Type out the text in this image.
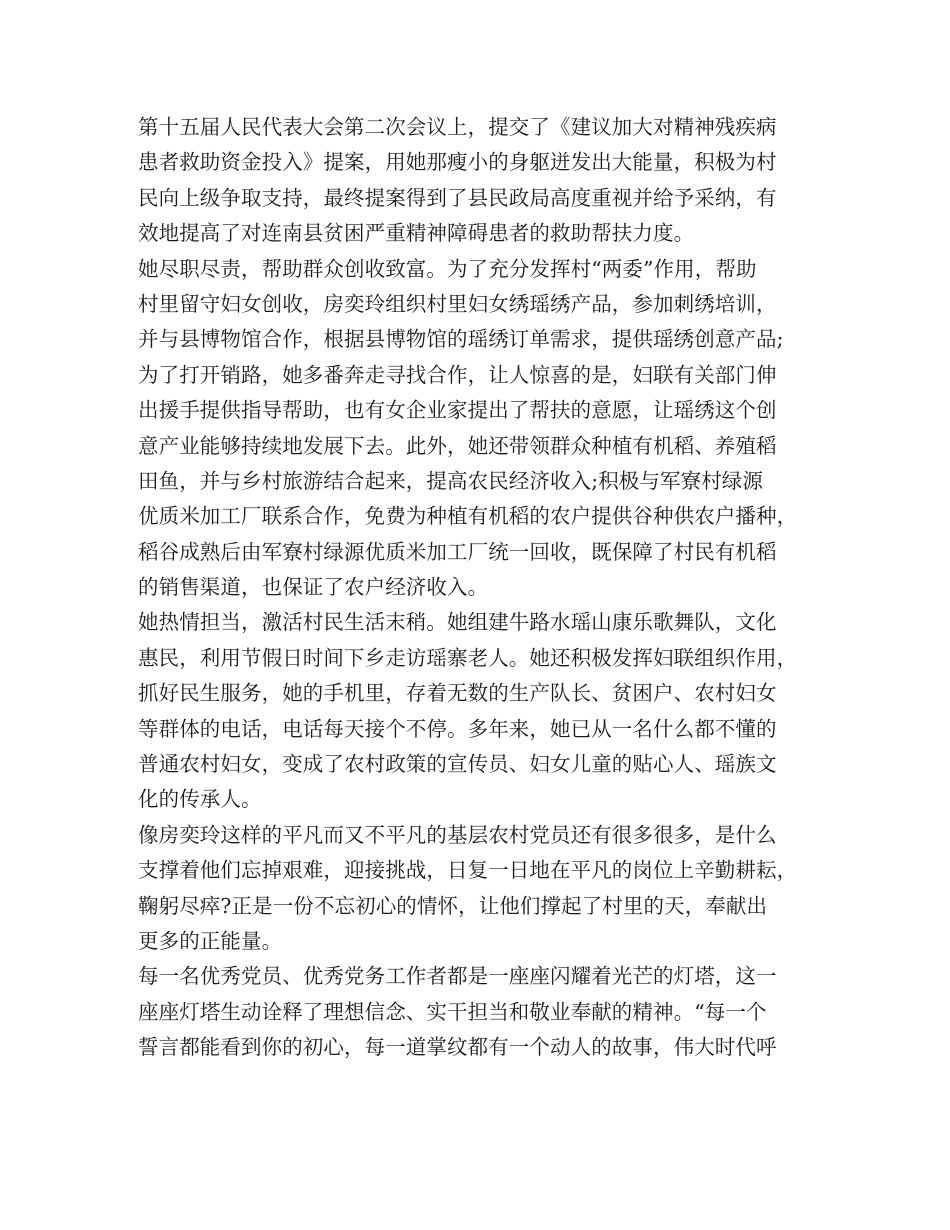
第十五届人民代表大会第二次会议上，提交了《建议加大对精神残疾病
患者救助资金投入》提案，用她那瘦小的身躯迸发出大能量，积极为村
民向上级争取支持，最终提案得到了县民政局高度重视并给予采纳，有
效地提高了对连南县贫困严重精神障碍患者的救助帮扶力度。
她尽职尽责，帮助群众创收致富。为了充分发挥村“两委”作用，帮助
村里留守妇女创收，房奕玲组织村里妇女绣瑶绣产品，参加刺绣培训，
并与县博物馆合作，根据县博物馆的瑶绣订单需求，提供瑶绣创意产品;
为了打开销路，她多番奔走寻找合作，让人惊喜的是，妇联有关部门伸
出援手提供指导帮助，也有女企业家提出了帮扶的意愿，让瑶绣这个创
意产业能够持续地发展下去。此外，她还带领群众种植有机稻、养殖稻
田鱼，并与乡村旅游结合起来，提高农民经济收入;积极与军寮村绿源
优质米加工厂联系合作，免费为种植有机稻的农户提供谷种供农户播种，
稻谷成熟后由军寮村绿源优质米加工厂统一回收，既保障了村民有机稻
的销售渠道，也保证了农户经济收入。
她热情担当，激活村民生活末稍。她组建牛路水瑶山康乐歌舞队，文化
惠民，利用节假日时间下乡走访瑶寨老人。她还积极发挥妇联组织作用，
抓好民生服务，她的手机里，存着无数的生产队长、贫困户、农村妇女
等群体的电话，电话每天接个不停。多年来，她已从一名什么都不懂的
普通农村妇女，变成了农村政策的宣传员、妇女儿童的贴心人、瑶族文
化的传承人。
像房奕玲这样的平凡而又不平凡的基层农村党员还有很多很多，是什么
支撑着他们忘掉艰难，迎接挑战，日复一日地在平凡的岗位上辛勤耕耘，
鞠躬尽瘁?正是一份不忘初心的情怀，让他们撑起了村里的天，奉献出
更多的正能量。
每一名优秀党员、优秀党务工作者都是一座座闪耀着光芒的灯塔，这一
座座灯塔生动诠释了理想信念、实干担当和敬业奉献的精神。“每一个
誓言都能看到你的初心，每一道掌纹都有一个动人的故事，伟大时代呼
